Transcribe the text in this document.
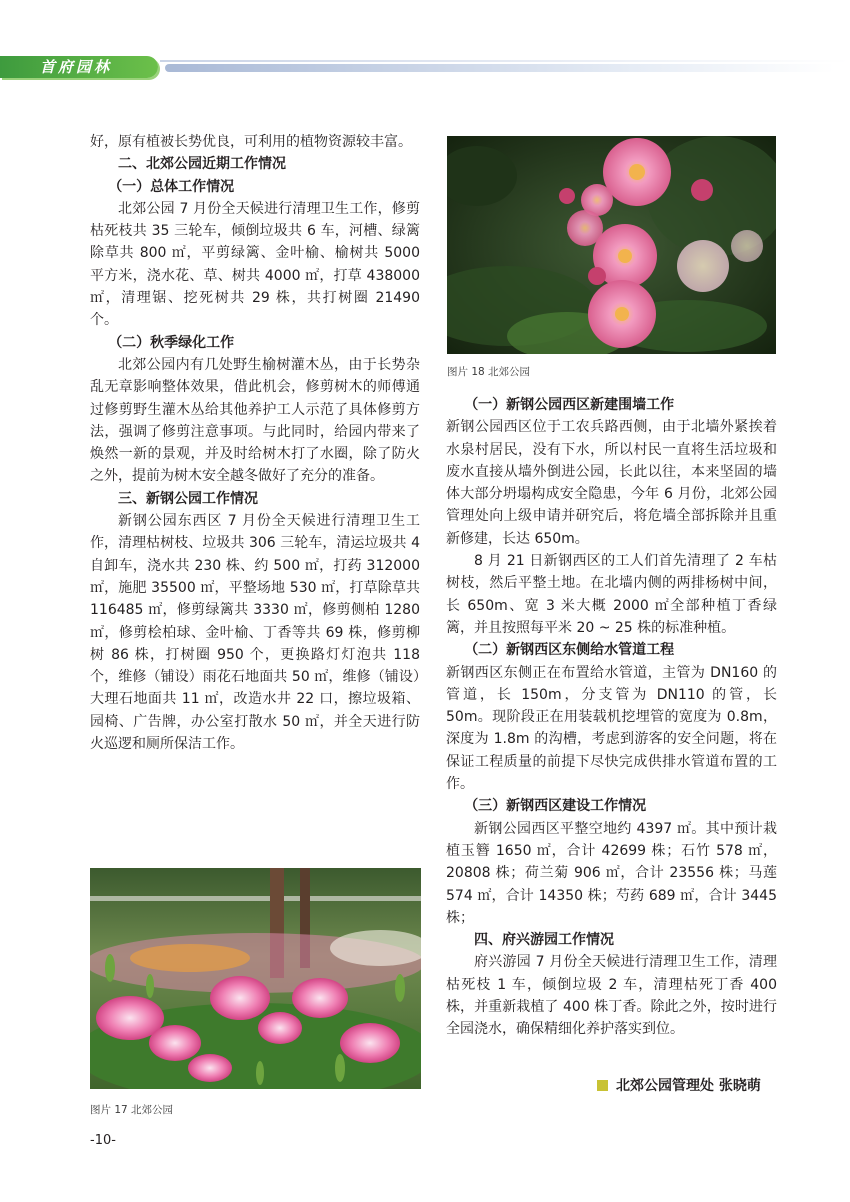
首府园林

好，原有植被长势优良，可利用的植物资源较丰富。

二、北郊公园近期工作情况

（一）总体工作情况

北郊公园 7 月份全天候进行清理卫生工作，修剪枯死枝共 35 三轮车，倾倒垃圾共 6 车，河槽、绿篱除草共 800 ㎡，平剪绿篱、金叶榆、榆树共 5000 平方米，浇水花、草、树共 4000 ㎡，打草 438000 ㎡，清理锯、挖死树共 29 株，共打树圈 21490 个。

（二）秋季绿化工作

北郊公园内有几处野生榆树灌木丛，由于长势杂乱无章影响整体效果，借此机会，修剪树木的师傅通过修剪野生灌木丛给其他养护工人示范了具体修剪方法，强调了修剪注意事项。与此同时，给园内带来了焕然一新的景观，并及时给树木打了水圈，除了防火之外，提前为树木安全越冬做好了充分的准备。

三、新钢公园工作情况

新钢公园东西区 7 月份全天候进行清理卫生工作，清理枯树枝、垃圾共 306 三轮车，清运垃圾共 4 自卸车，浇水共 230 株、约 500 ㎡，打药 312000 ㎡，施肥 35500 ㎡，平整场地 530 ㎡，打草除草共 116485 ㎡，修剪绿篱共 3330 ㎡，修剪侧柏 1280 ㎡，修剪桧柏球、金叶榆、丁香等共 69 株，修剪柳树 86 株，打树圈 950 个，更换路灯灯泡共 118 个，维修（铺设）雨花石地面共 50 ㎡，维修（铺设）大理石地面共 11 ㎡，改造水井 22 口，擦垃圾箱、园椅、广告牌，办公室打散水 50 ㎡，并全天进行防火巡逻和厕所保洁工作。

（一）新钢公园西区新建围墙工作

新钢公园西区位于工农兵路西侧，由于北墙外紧挨着水泉村居民，没有下水，所以村民一直将生活垃圾和废水直接从墙外倒进公园，长此以往，本来坚固的墙体大部分坍塌构成安全隐患，今年 6 月份，北郊公园管理处向上级申请并研究后，将危墙全部拆除并且重新修建，长达 650m。

8 月 21 日新钢西区的工人们首先清理了 2 车枯树枝，然后平整土地。在北墙内侧的两排杨树中间，长 650m、宽 3 米大概 2000 ㎡全部种植丁香绿篱，并且按照每平米 20 ~ 25 株的标准种植。

（二）新钢西区东侧给水管道工程

新钢西区东侧正在布置给水管道，主管为 DN160 的管道，长 150m，分支管为 DN110 的管，长 50m。现阶段正在用装载机挖埋管的宽度为 0.8m，深度为 1.8m 的沟槽，考虑到游客的安全问题，将在保证工程质量的前提下尽快完成供排水管道布置的工作。

（三）新钢西区建设工作情况

新钢公园西区平整空地约 4397 ㎡。其中预计栽植玉簪 1650 ㎡，合计 42699 株；石竹 578 ㎡，20808 株；荷兰菊 906 ㎡，合计 23556 株；马莲 574 ㎡，合计 14350 株；芍药 689 ㎡，合计 3445 株；

四、府兴游园工作情况

府兴游园 7 月份全天候进行清理卫生工作，清理枯死枝 1 车，倾倒垃圾 2 车，清理枯死丁香 400 株，并重新栽植了 400 株丁香。除此之外，按时进行全园浇水，确保精细化养护落实到位。

图片 18 北郊公园
图片 17 北郊公园
北郊公园管理处 张晓萌
-10-
